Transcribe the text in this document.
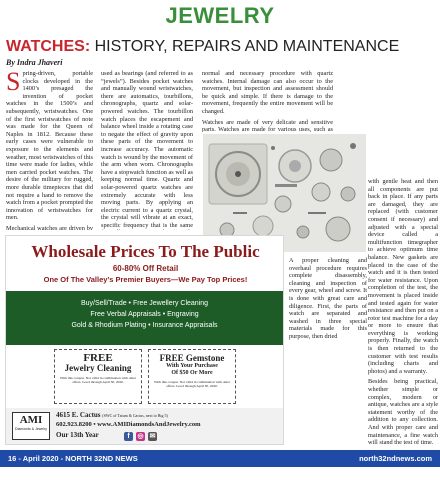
JEWELRY
WATCHES: HISTORY, REPAIRS AND MAINTENANCE
By Indra Jhaveri

Spring-driven, portable clocks developed in the 1400’s presaged the invention of pocket watches in the 1500’s and subsequently, wristwatches. One of the first wristwatches of note was made for the Queen of Naples in 1812. Because these early cases were vulnerable to exposure to the elements and weather, most wristwatches of this time were made for ladies, while men carried pocket watches. The desire of the military for rugged, more durable timepieces that did not require a hand to remove the watch from a pocket prompted the innovation of wristwatches for men.

Mechanical watches are driven by

used as bearings (and referred to as “jewels”). Besides pocket watches and manually wound wristwatches, there are automatics, tourbillons, chronographs, quartz and solar-powered watches. The tourbillon watch places the escapement and balance wheel inside a rotating case to negate the effect of gravity upon these parts of the movement to increase accuracy. The automatic watch is wound by the movement of the arm when worn. Chronographs have a stopwatch function as well as keeping normal time. Quartz and solar-powered quartz watches are extremely accurate with less moving parts. By applying an electric current to a quartz crystal, the crystal will vibrate at an exact, specific frequency that is the same

normal and necessary procedure with quartz watches. Internal damage can also occur to the movement, but inspection and assessment should be quick and simple. If there is damage to the movement, frequently the entire movement will be changed.

Watches are made of very delicate and sensitive parts. Watches are made for various uses, such as

A proper cleaning and overhaul procedure requires complete disassembly, cleaning and inspection of every gear, wheel and screw. It is done with great care and diligence. First, the parts of watch are separated and washed in three special materials made for this purpose, then dried

with gentle heat and then all components are put back in place. If any parts are damaged, they are replaced (with customer consent if necessary) and adjusted with a special device called a multifunction timegrapher to achieve optimum time balance. New gaskets are placed in the case of the watch and it is then tested for water resistance. Upon completion of the test, the movement is placed inside and tested again for water resistance and then put on a rotor test machine for a day or more to ensure that everything is working properly. Finally, the watch is then returned to the customer with test results (including charts and photos) and a warranty.

Besides being practical, whether simple or complex, modern or antique, watches are a style statement worthy of the addition to any collection. And with proper care and maintenance, a fine watch will stand the test of time.

Wholesale Prices To The Public
60-80% Off Retail
One Of The Valley’s Premier Buyers—We Pay Top Prices!
Buy/Sell/Trade • Free Jewellery Cleaning
Free Verbal Appraisals • Engraving
Gold & Rhodium Plating • Insurance Appraisals
FREE
Jewelry Cleaning
With this coupon. Not valid in combination with other offers. Good through April 30, 2020.
FREE Gemstone
With Your Purchase
Of $50 Or More
With this coupon. Not valid in combination with other offers. Good through April 30, 2020.
AMI
Diamonds & Jewelry
4615 E. Cactus (SWC of Tatum & Cactus, next to Big 5)
602.923.8200 • www.AMIDiamondsAndJewelry.com
Our 13th Year	f	◎ ✉
16 - April 2020 - NORTH 32ND NEWS	north32ndnews.com
